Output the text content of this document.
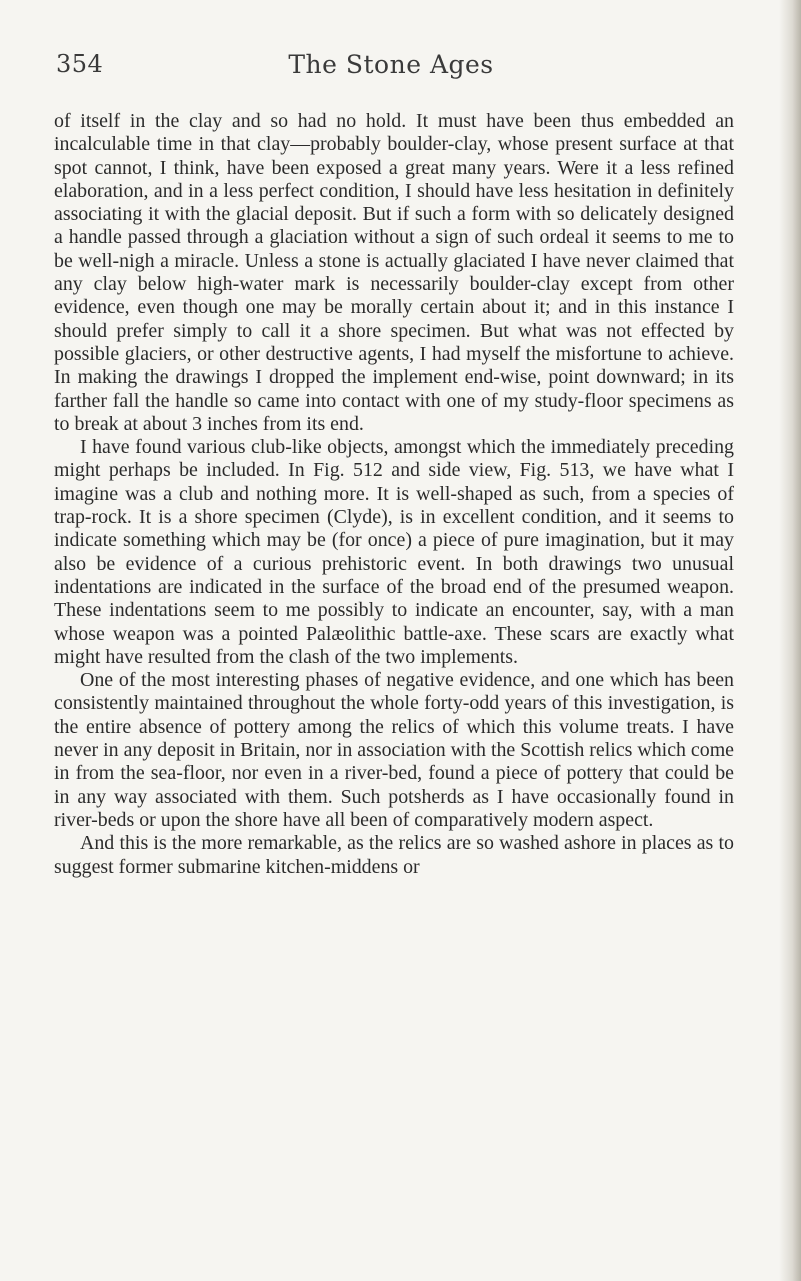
354	The Stone Ages

of itself in the clay and so had no hold. It must have been thus embedded an incalculable time in that clay—probably boulder-clay, whose present surface at that spot cannot, I think, have been exposed a great many years. Were it a less refined elaboration, and in a less perfect condition, I should have less hesitation in definitely associating it with the glacial deposit. But if such a form with so delicately designed a handle passed through a glaciation without a sign of such ordeal it seems to me to be well-nigh a miracle. Unless a stone is actually glaciated I have never claimed that any clay below high-water mark is necessarily boulder-clay except from other evidence, even though one may be morally certain about it; and in this instance I should prefer simply to call it a shore specimen. But what was not effected by possible glaciers, or other destructive agents, I had myself the misfortune to achieve. In making the drawings I dropped the implement end-wise, point downward; in its farther fall the handle so came into contact with one of my study-floor specimens as to break at about 3 inches from its end.

I have found various club-like objects, amongst which the immediately preceding might perhaps be included. In Fig. 512 and side view, Fig. 513, we have what I imagine was a club and nothing more. It is well-shaped as such, from a species of trap-rock. It is a shore specimen (Clyde), is in excellent condition, and it seems to indicate something which may be (for once) a piece of pure imagination, but it may also be evidence of a curious prehistoric event. In both drawings two unusual indentations are indicated in the surface of the broad end of the presumed weapon. These indentations seem to me possibly to indicate an encounter, say, with a man whose weapon was a pointed Palæolithic battle-axe. These scars are exactly what might have resulted from the clash of the two implements.

One of the most interesting phases of negative evidence, and one which has been consistently maintained throughout the whole forty-odd years of this investigation, is the entire absence of pottery among the relics of which this volume treats. I have never in any deposit in Britain, nor in association with the Scottish relics which come in from the sea-floor, nor even in a river-bed, found a piece of pottery that could be in any way associated with them. Such potsherds as I have occasionally found in river-beds or upon the shore have all been of comparatively modern aspect.

And this is the more remarkable, as the relics are so washed ashore in places as to suggest former submarine kitchen-middens or
